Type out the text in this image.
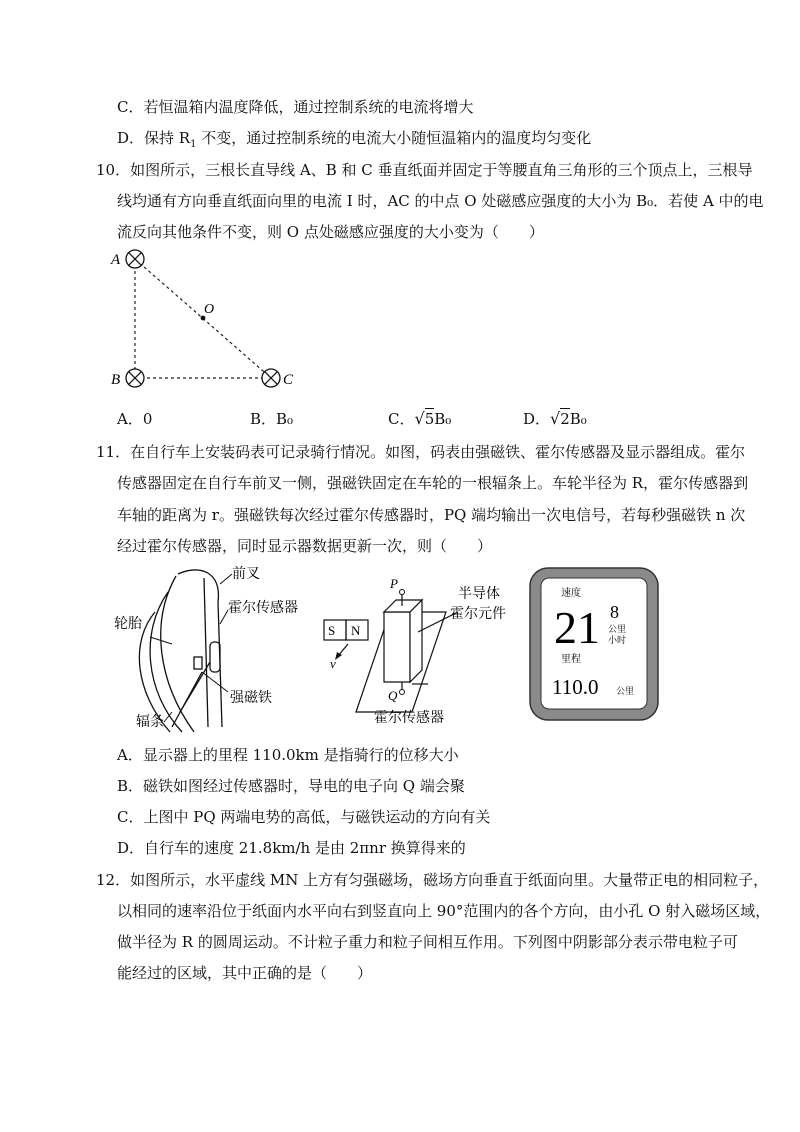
C．若恒温箱内温度降低，通过控制系统的电流将增大
D．保持 $R_1$ 不变，通过控制系统的电流大小随恒温箱内的温度均匀变化
10．如图所示，三根长直导线 A、B 和 C 垂直纸面并固定于等腰直角三角形的三个顶点上，三根导
线均通有方向垂直纸面向里的电流 I 时，AC 的中点 O 处磁感应强度的大小为 B₀．若使 A 中的电
流反向其他条件不变，则 O 点处磁感应强度的大小变为（　　）
A
B	C
O
A．0	B．B₀	C．√5B₀	D．√2B₀
11．在自行车上安装码表可记录骑行情况。如图，码表由强磁铁、霍尔传感器及显示器组成。霍尔
传感器固定在自行车前叉一侧，强磁铁固定在车轮的一根辐条上。车轮半径为 R，霍尔传感器到
车轴的距离为 r。强磁铁每次经过霍尔传感器时，PQ 端均输出一次电信号，若每秒强磁铁 n 次
经过霍尔传感器，同时显示器数据更新一次，则（　　）
前叉
霍尔传感器
轮胎
强磁铁
辐条
S N
v
P
Q
半导体
霍尔元件
霍尔传感器
速度
21 8
公里
小时
里程
110.0 公里
A．显示器上的里程 110.0km 是指骑行的位移大小
B．磁铁如图经过传感器时，导电的电子向 Q 端会聚
C．上图中 PQ 两端电势的高低，与磁铁运动的方向有关
D．自行车的速度 21.8km/h 是由 2πnr 换算得来的
12．如图所示，水平虚线 MN 上方有匀强磁场，磁场方向垂直于纸面向里。大量带正电的相同粒子，
以相同的速率沿位于纸面内水平向右到竖直向上 90°范围内的各个方向，由小孔 O 射入磁场区域，
做半径为 R 的圆周运动。不计粒子重力和粒子间相互作用。下列图中阴影部分表示带电粒子可
能经过的区域，其中正确的是（　　）
